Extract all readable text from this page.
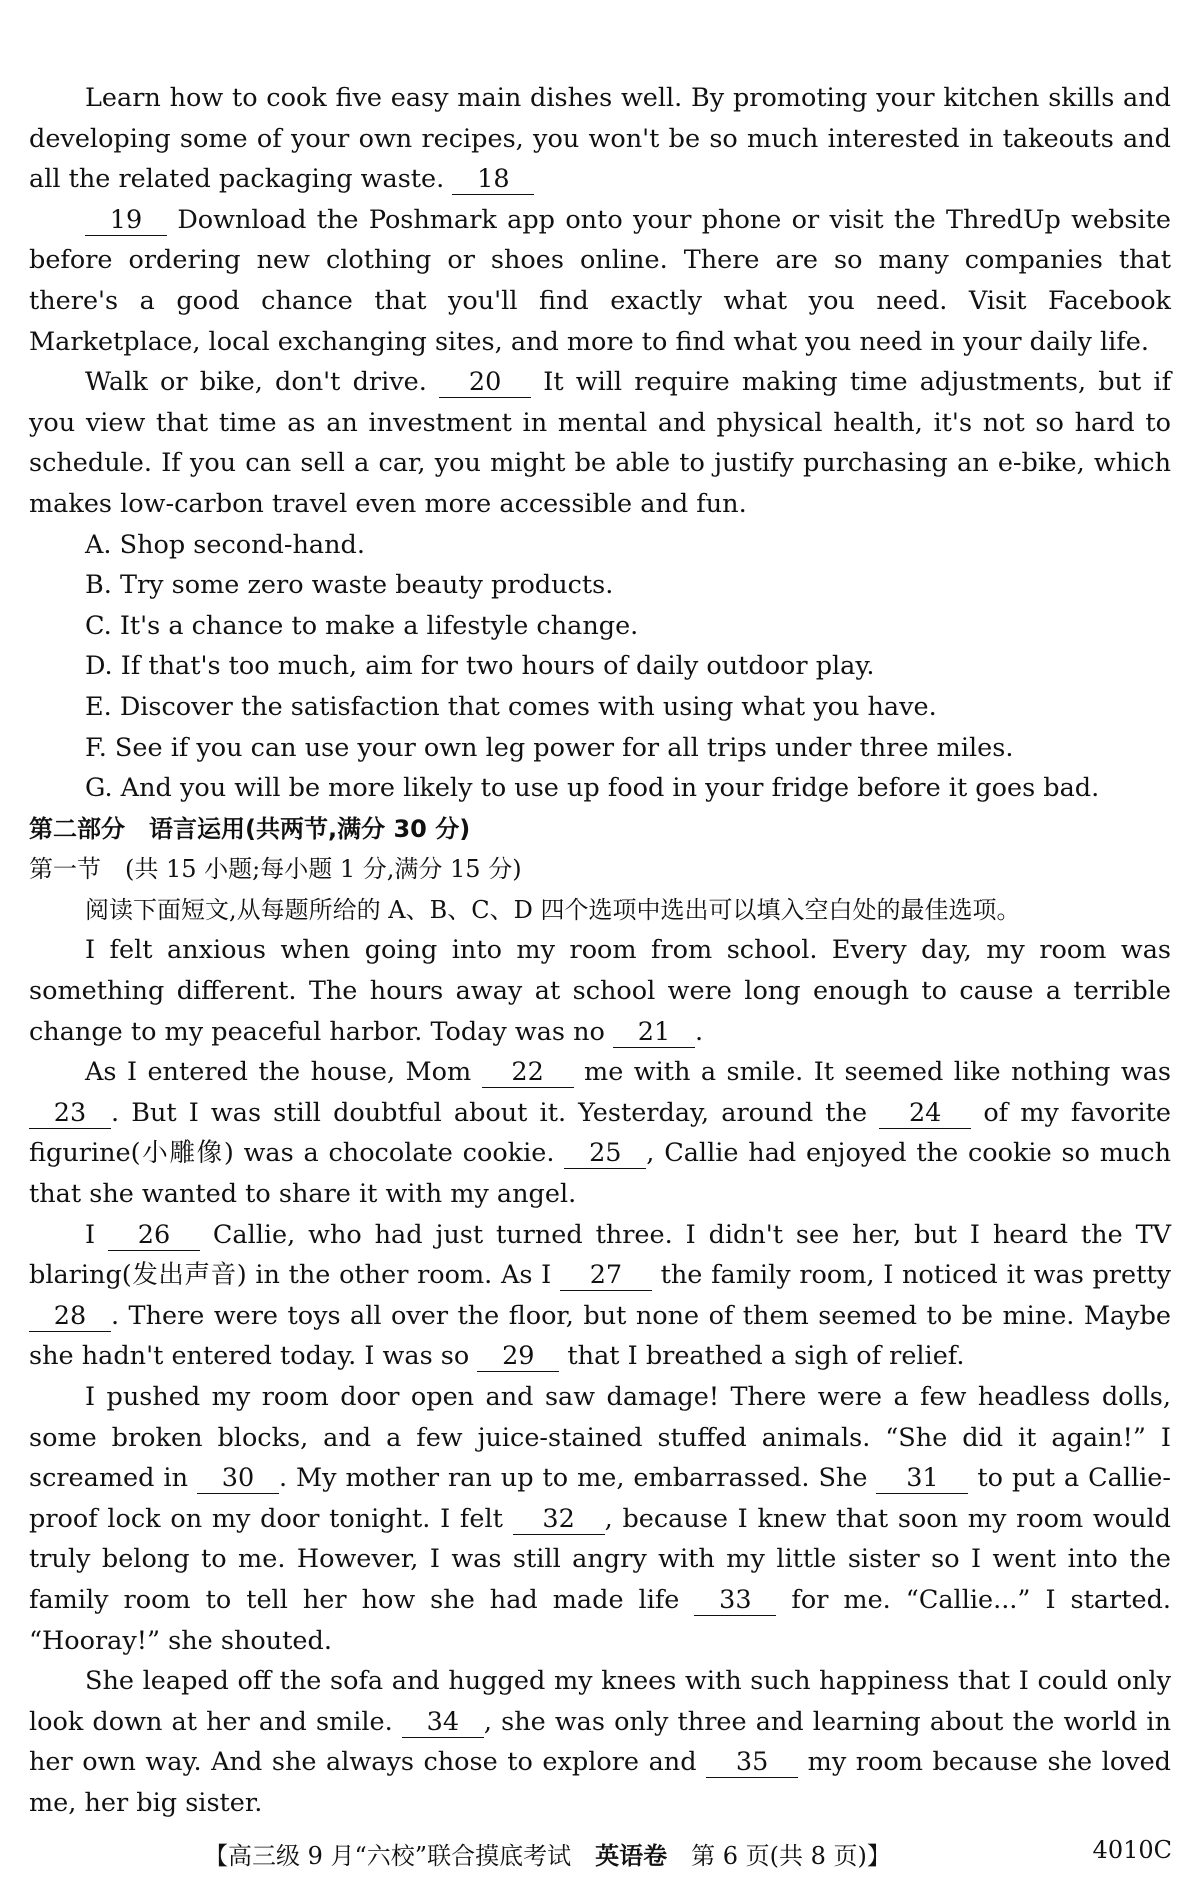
Learn how to cook five easy main dishes well. By promoting your kitchen skills and developing some of your own recipes, you won't be so much interested in takeouts and all the related packaging waste. 18

19 Download the Poshmark app onto your phone or visit the ThredUp website before ordering new clothing or shoes online. There are so many companies that there's a good chance that you'll find exactly what you need. Visit Facebook Marketplace, local exchanging sites, and more to find what you need in your daily life.

Walk or bike, don't drive. 20 It will require making time adjustments, but if you view that time as an investment in mental and physical health, it's not so hard to schedule. If you can sell a car, you might be able to justify purchasing an e-bike, which makes low-carbon travel even more accessible and fun.

A. Shop second-hand.

B. Try some zero waste beauty products.

C. It's a chance to make a lifestyle change.

D. If that's too much, aim for two hours of daily outdoor play.

E. Discover the satisfaction that comes with using what you have.

F. See if you can use your own leg power for all trips under three miles.

G. And you will be more likely to use up food in your fridge before it goes bad.

第二部分　语言运用(共两节,满分 30 分)

第一节　(共 15 小题;每小题 1 分,满分 15 分)

阅读下面短文,从每题所给的 A、B、C、D 四个选项中选出可以填入空白处的最佳选项。

I felt anxious when going into my room from school. Every day, my room was something different. The hours away at school were long enough to cause a terrible change to my peaceful harbor. Today was no 21 .

As I entered the house, Mom 22 me with a smile. It seemed like nothing was 23 . But I was still doubtful about it. Yesterday, around the 24 of my favorite figurine(小雕像) was a chocolate cookie. 25 , Callie had enjoyed the cookie so much that she wanted to share it with my angel.

I 26 Callie, who had just turned three. I didn't see her, but I heard the TV blaring(发出声音) in the other room. As I 27 the family room, I noticed it was pretty 28 . There were toys all over the floor, but none of them seemed to be mine. Maybe she hadn't entered today. I was so 29 that I breathed a sigh of relief.

I pushed my room door open and saw damage! There were a few headless dolls, some broken blocks, and a few juice-stained stuffed animals. “She did it again!” I screamed in 30 . My mother ran up to me, embarrassed. She 31 to put a Callie-proof lock on my door tonight. I felt 32 , because I knew that soon my room would truly belong to me. However, I was still angry with my little sister so I went into the family room to tell her how she had made life 33 for me. “Callie...” I started. “Hooray!” she shouted.

She leaped off the sofa and hugged my knees with such happiness that I could only look down at her and smile. 34 , she was only three and learning about the world in her own way. And she always chose to explore and 35 my room because she loved me, her big sister.

【高三级 9 月“六校”联合摸底考试　英语卷　第 6 页(共 8 页)】	4010C
